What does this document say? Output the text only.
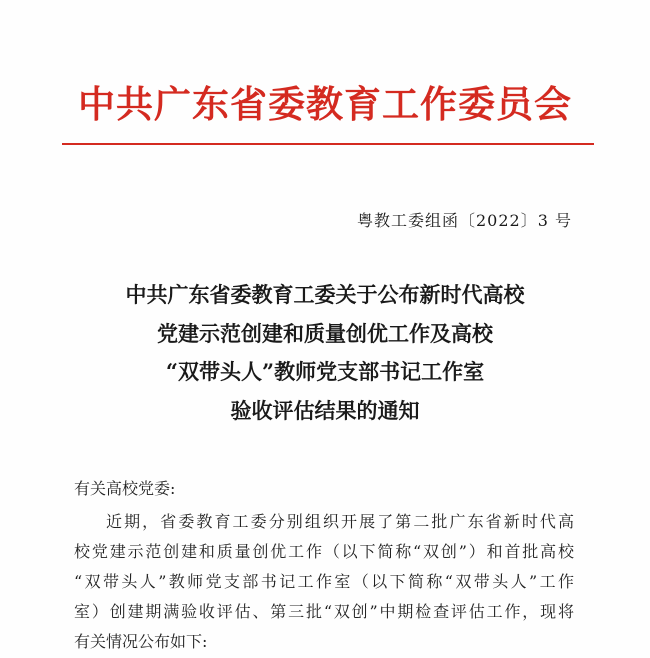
中共广东省委教育工作委员会
粤教工委组函〔2022〕3 号
中共广东省委教育工委关于公布新时代高校
党建示范创建和质量创优工作及高校
“双带头人”教师党支部书记工作室
验收评估结果的通知
有关高校党委:
近期，省委教育工委分别组织开展了第二批广东省新时代高
校党建示范创建和质量创优工作（以下简称“双创”）和首批高校
“双带头人”教师党支部书记工作室（以下简称“双带头人”工作
室）创建期满验收评估、第三批“双创”中期检查评估工作，现将
有关情况公布如下:
